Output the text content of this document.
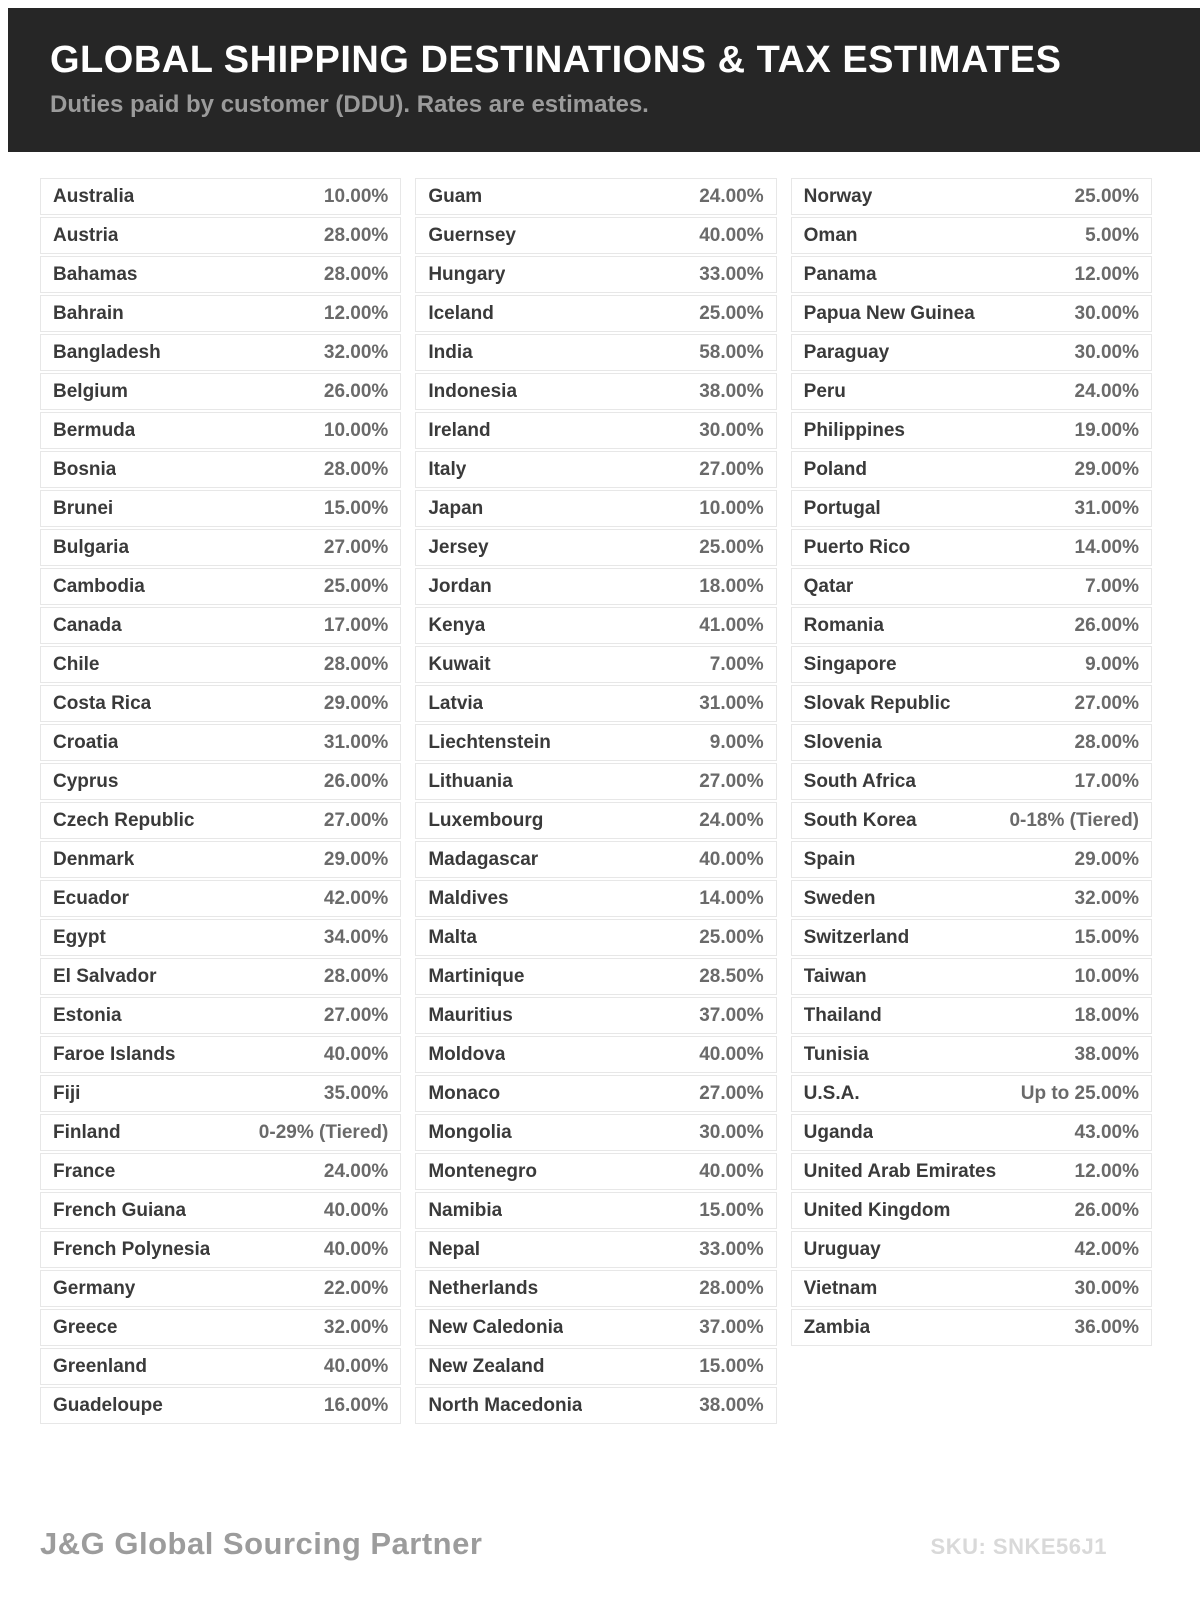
GLOBAL SHIPPING DESTINATIONS & TAX ESTIMATES
Duties paid by customer (DDU). Rates are estimates.
Australia	10.00%
Austria	28.00%
Bahamas	28.00%
Bahrain	12.00%
Bangladesh	32.00%
Belgium	26.00%
Bermuda	10.00%
Bosnia	28.00%
Brunei	15.00%
Bulgaria	27.00%
Cambodia	25.00%
Canada	17.00%
Chile	28.00%
Costa Rica	29.00%
Croatia	31.00%
Cyprus	26.00%
Czech Republic	27.00%
Denmark	29.00%
Ecuador	42.00%
Egypt	34.00%
El Salvador	28.00%
Estonia	27.00%
Faroe Islands	40.00%
Fiji	35.00%
Finland	0-29% (Tiered)
France	24.00%
French Guiana	40.00%
French Polynesia	40.00%
Germany	22.00%
Greece	32.00%
Greenland	40.00%
Guadeloupe	16.00%
Guam	24.00%
Guernsey	40.00%
Hungary	33.00%
Iceland	25.00%
India	58.00%
Indonesia	38.00%
Ireland	30.00%
Italy	27.00%
Japan	10.00%
Jersey	25.00%
Jordan	18.00%
Kenya	41.00%
Kuwait	7.00%
Latvia	31.00%
Liechtenstein	9.00%
Lithuania	27.00%
Luxembourg	24.00%
Madagascar	40.00%
Maldives	14.00%
Malta	25.00%
Martinique	28.50%
Mauritius	37.00%
Moldova	40.00%
Monaco	27.00%
Mongolia	30.00%
Montenegro	40.00%
Namibia	15.00%
Nepal	33.00%
Netherlands	28.00%
New Caledonia	37.00%
New Zealand	15.00%
North Macedonia	38.00%
Norway	25.00%
Oman	5.00%
Panama	12.00%
Papua New Guinea	30.00%
Paraguay	30.00%
Peru	24.00%
Philippines	19.00%
Poland	29.00%
Portugal	31.00%
Puerto Rico	14.00%
Qatar	7.00%
Romania	26.00%
Singapore	9.00%
Slovak Republic	27.00%
Slovenia	28.00%
South Africa	17.00%
South Korea	0-18% (Tiered)
Spain	29.00%
Sweden	32.00%
Switzerland	15.00%
Taiwan	10.00%
Thailand	18.00%
Tunisia	38.00%
U.S.A.	Up to 25.00%
Uganda	43.00%
United Arab Emirates	12.00%
United Kingdom	26.00%
Uruguay	42.00%
Vietnam	30.00%
Zambia	36.00%
J&G Global Sourcing Partner	SKU: SNKE56J1
